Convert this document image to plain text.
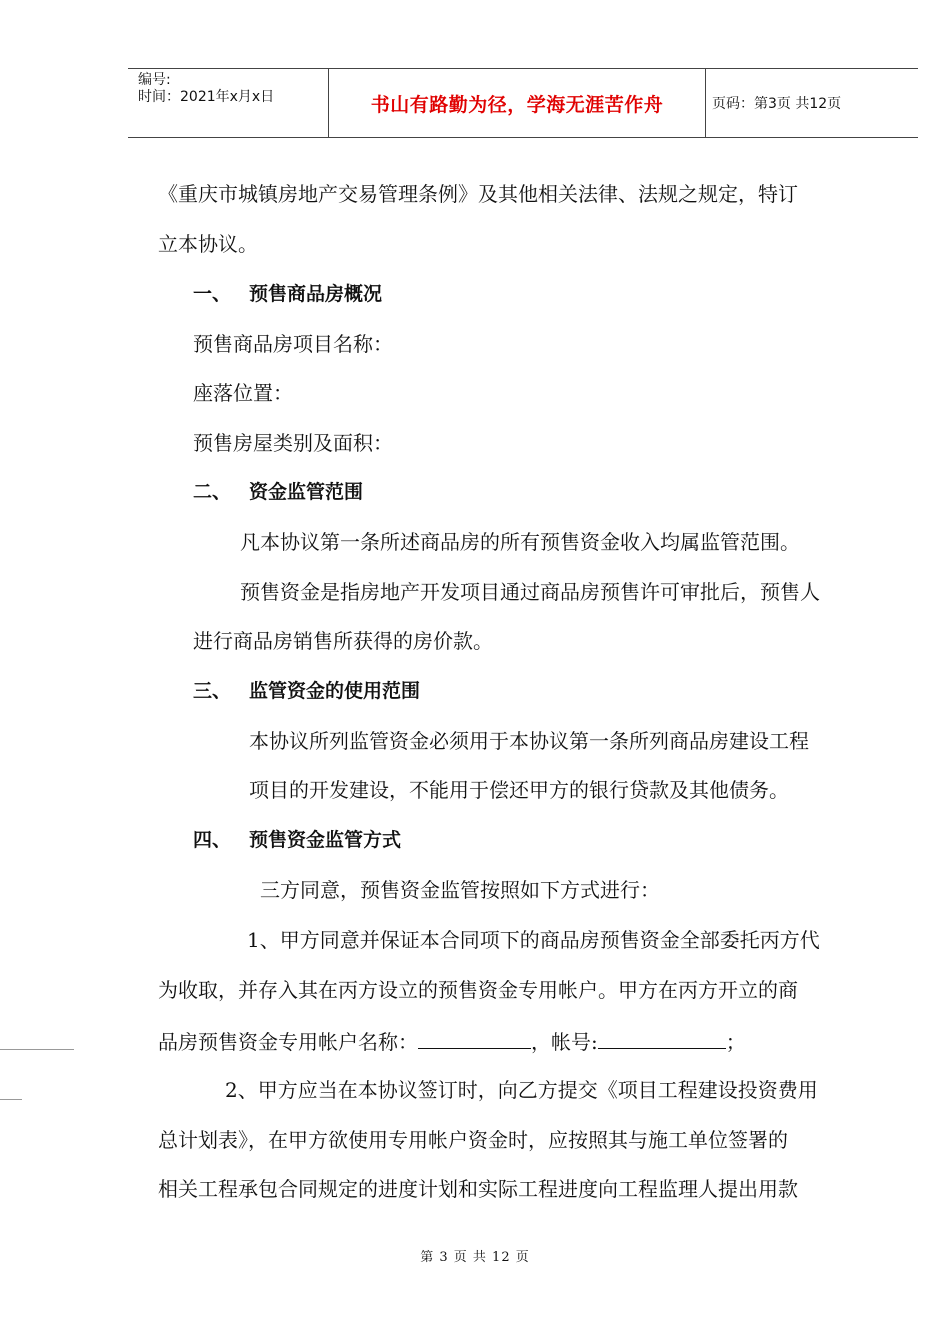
编号:
时间：2021年x月x日	书山有路勤为径，学海无涯苦作舟	页码：第3页 共12页
《重庆市城镇房地产交易管理条例》及其他相关法律、法规之规定，特订
立本协议。
一、 预售商品房概况
预售商品房项目名称：
座落位置：
预售房屋类别及面积：
二、 资金监管范围
凡本协议第一条所述商品房的所有预售资金收入均属监管范围。
预售资金是指房地产开发项目通过商品房预售许可审批后，预售人
进行商品房销售所获得的房价款。
三、 监管资金的使用范围
本协议所列监管资金必须用于本协议第一条所列商品房建设工程
项目的开发建设，不能用于偿还甲方的银行贷款及其他债务。
四、 预售资金监管方式
三方同意，预售资金监管按照如下方式进行：
1、甲方同意并保证本合同项下的商品房预售资金全部委托丙方代
为收取，并存入其在丙方设立的预售资金专用帐户。甲方在丙方开立的商
品房预售资金专用帐户名称：	，帐号:	；
2、甲方应当在本协议签订时，向乙方提交《项目工程建设投资费用
总计划表》，在甲方欲使用专用帐户资金时，应按照其与施工单位签署的
相关工程承包合同规定的进度计划和实际工程进度向工程监理人提出用款
第 3 页 共 12 页
